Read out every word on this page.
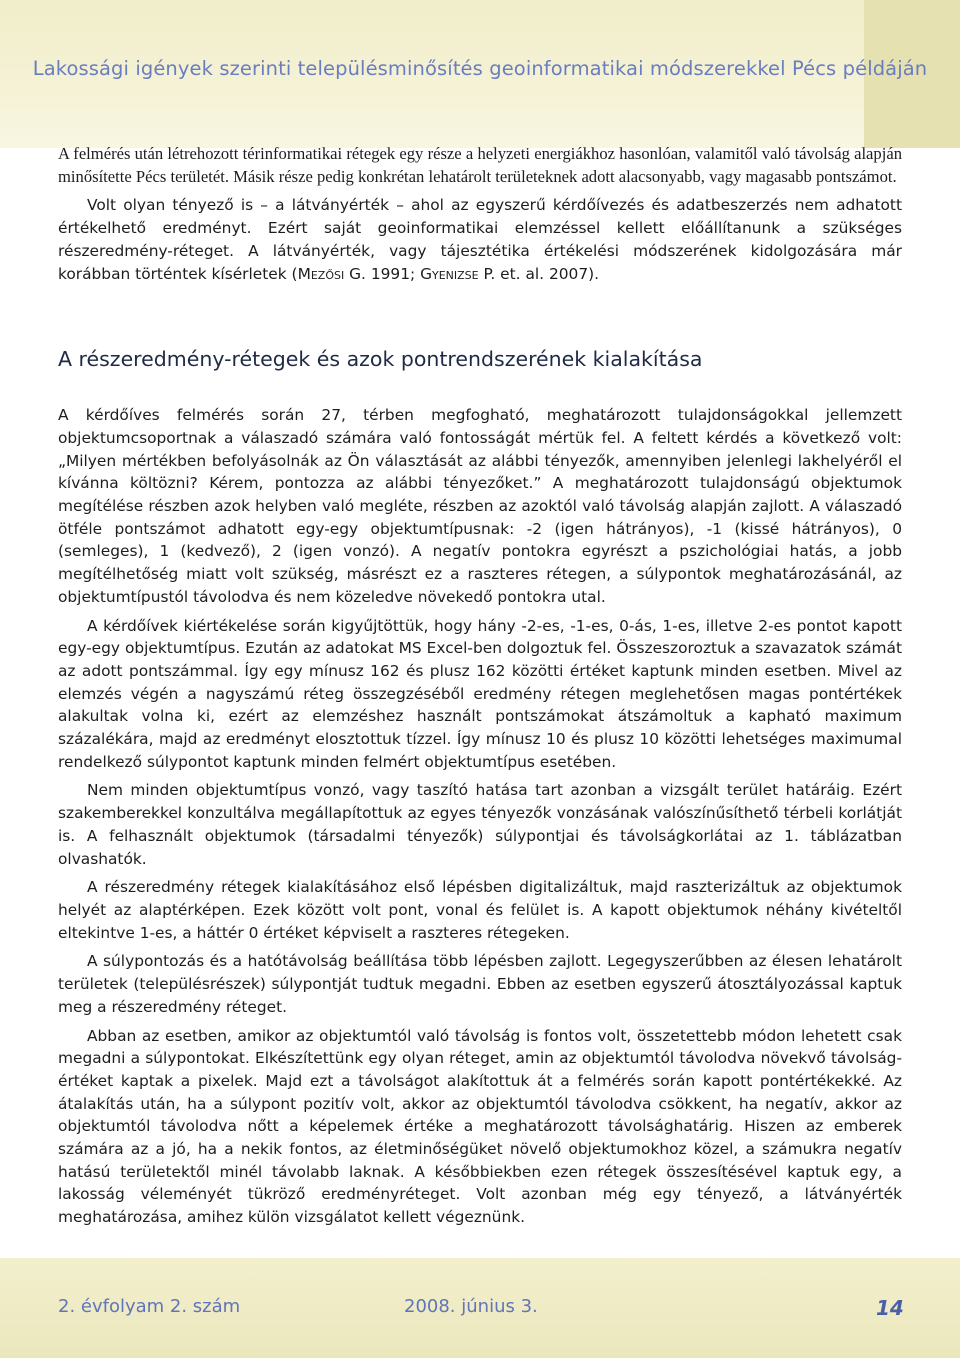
Lakossági igények szerinti településminősítés geoinformatikai módszerekkel Pécs példáján

A felmérés után létrehozott térinformatikai rétegek egy része a helyzeti energiákhoz hasonlóan, valamitől való távolság alapján minősítette Pécs területét. Másik része pedig konkrétan lehatárolt területeknek adott alacsonyabb, vagy magasabb pontszámot.

Volt olyan tényező is – a látványérték – ahol az egyszerű kérdőívezés és adatbeszerzés nem adhatott értékelhető eredményt. Ezért saját geoinformatikai elemzéssel kellett előállítanunk a szükséges részeredmény-réteget. A látványérték, vagy tájesztétika értékelési módszerének kidolgozására már korábban történtek kísérletek (Mezősi G. 1991; Gyenizse P. et. al. 2007).

A részeredmény-rétegek és azok pontrendszerének kialakítása

A kérdőíves felmérés során 27, térben megfogható, meghatározott tulajdonságokkal jellemzett objektumcsoportnak a válaszadó számára való fontosságát mértük fel. A feltett kérdés a következő volt: „Milyen mértékben befolyásolnák az Ön választását az alábbi tényezők, amennyiben jelenlegi lakhelyéről el kívánna költözni? Kérem, pontozza az alábbi tényezőket.” A meghatározott tulajdonságú objektumok megítélése részben azok helyben való megléte, részben az azoktól való távolság alapján zajlott. A válaszadó ötféle pontszámot adhatott egy-egy objektumtípusnak: -2 (igen hátrányos), -1 (kissé hátrányos), 0 (semleges), 1 (kedvező), 2 (igen vonzó). A negatív pontokra egyrészt a pszichológiai hatás, a jobb megítélhetőség miatt volt szükség, másrészt ez a raszteres rétegen, a súlypontok meghatározásánál, az objektumtípustól távolodva és nem közeledve növekedő pontokra utal.

A kérdőívek kiértékelése során kigyűjtöttük, hogy hány -2-es, -1-es, 0-ás, 1-es, illetve 2-es pontot kapott egy-egy objektumtípus. Ezután az adatokat MS Excel-ben dolgoztuk fel. Összeszoroztuk a szavazatok számát az adott pontszámmal. Így egy mínusz 162 és plusz 162 közötti értéket kaptunk minden esetben. Mivel az elemzés végén a nagyszámú réteg összegzéséből eredmény rétegen meglehetősen magas pontértékek alakultak volna ki, ezért az elemzéshez használt pontszámokat átszámoltuk a kapható maximum százalékára, majd az eredményt elosztottuk tízzel. Így mínusz 10 és plusz 10 közötti lehetséges maximumal rendelkező súlypontot kaptunk minden felmért objektumtípus esetében.

Nem minden objektumtípus vonzó, vagy taszító hatása tart azonban a vizsgált terület határáig. Ezért szakemberekkel konzultálva megállapítottuk az egyes tényezők vonzásának valószínűsíthető térbeli korlátját is. A felhasznált objektumok (társadalmi tényezők) súlypontjai és távolságkorlátai az 1. táblázatban olvashatók.

A részeredmény rétegek kialakításához első lépésben digitalizáltuk, majd raszterizáltuk az objektumok helyét az alaptérképen. Ezek között volt pont, vonal és felület is. A kapott objektumok néhány kivételtől eltekintve 1-es, a háttér 0 értéket képviselt a raszteres rétegeken.

A súlypontozás és a hatótávolság beállítása több lépésben zajlott. Legegyszerűbben az élesen lehatárolt területek (településrészek) súlypontját tudtuk megadni. Ebben az esetben egyszerű átosztályozással kaptuk meg a részeredmény réteget.

Abban az esetben, amikor az objektumtól való távolság is fontos volt, összetettebb módon lehetett csak megadni a súlypontokat. Elkészítettünk egy olyan réteget, amin az objektumtól távolodva növekvő távolság-értéket kaptak a pixelek. Majd ezt a távolságot alakítottuk át a felmérés során kapott pontértékekké. Az átalakítás után, ha a súlypont pozitív volt, akkor az objektumtól távolodva csökkent, ha negatív, akkor az objektumtól távolodva nőtt a képelemek értéke a meghatározott távolsághatárig. Hiszen az emberek számára az a jó, ha a nekik fontos, az életminőségüket növelő objektumokhoz közel, a számukra negatív hatású területektől minél távolabb laknak. A későbbiekben ezen rétegek összesítésével kaptuk egy, a lakosság véleményét tükröző eredményréteget. Volt azonban még egy tényező, a látványérték meghatározása, amihez külön vizsgálatot kellett végeznünk.

2. évfolyam 2. szám	2008. június 3.	14
